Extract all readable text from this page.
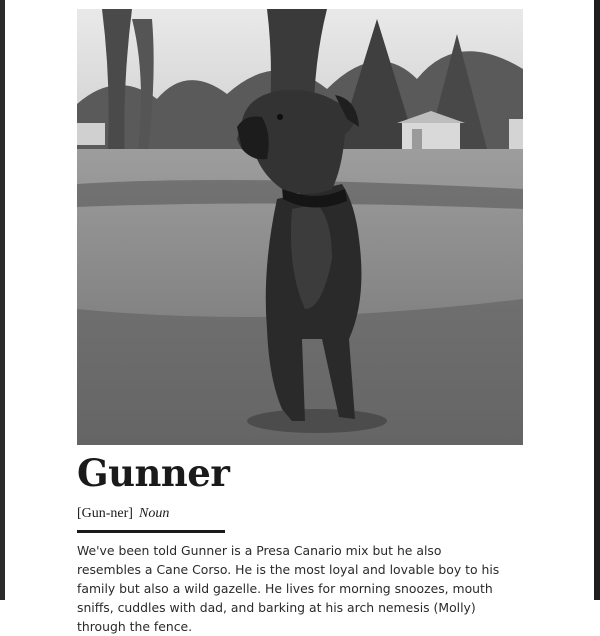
Gunner
[Gun-ner] Noun

We've been told Gunner is a Presa Canario mix but he also resembles a Cane Corso. He is the most loyal and lovable boy to his family but also a wild gazelle. He lives for morning snoozes, mouth sniffs, cuddles with dad, and barking at his arch nemesis (Molly) through the fence.
